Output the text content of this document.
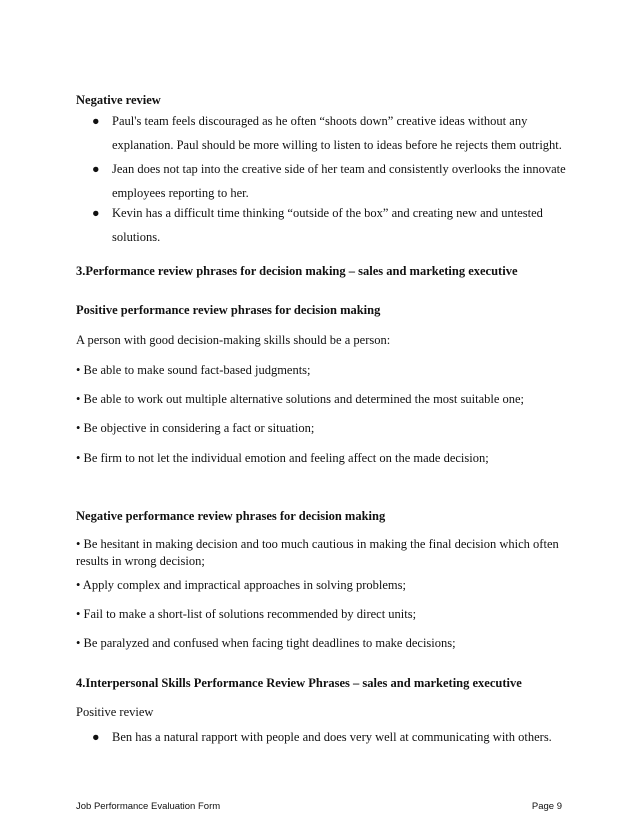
Negative review
● Paul's team feels discouraged as he often “shoots down” creative ideas without any explanation. Paul should be more willing to listen to ideas before he rejects them outright.
● Jean does not tap into the creative side of her team and consistently overlooks the innovate employees reporting to her.
● Kevin has a difficult time thinking “outside of the box” and creating new and untested solutions.
3.Performance review phrases for decision making – sales and marketing executive
Positive performance review phrases for decision making
A person with good decision-making skills should be a person:
• Be able to make sound fact-based judgments;
• Be able to work out multiple alternative solutions and determined the most suitable one;
• Be objective in considering a fact or situation;
• Be firm to not let the individual emotion and feeling affect on the made decision;
Negative performance review phrases for decision making
• Be hesitant in making decision and too much cautious in making the final decision which often results in wrong decision;
• Apply complex and impractical approaches in solving problems;
• Fail to make a short-list of solutions recommended by direct units;
• Be paralyzed and confused when facing tight deadlines to make decisions;
4.Interpersonal Skills Performance Review Phrases – sales and marketing executive
Positive review
● Ben has a natural rapport with people and does very well at communicating with others.
Job Performance Evaluation Form	Page 9
